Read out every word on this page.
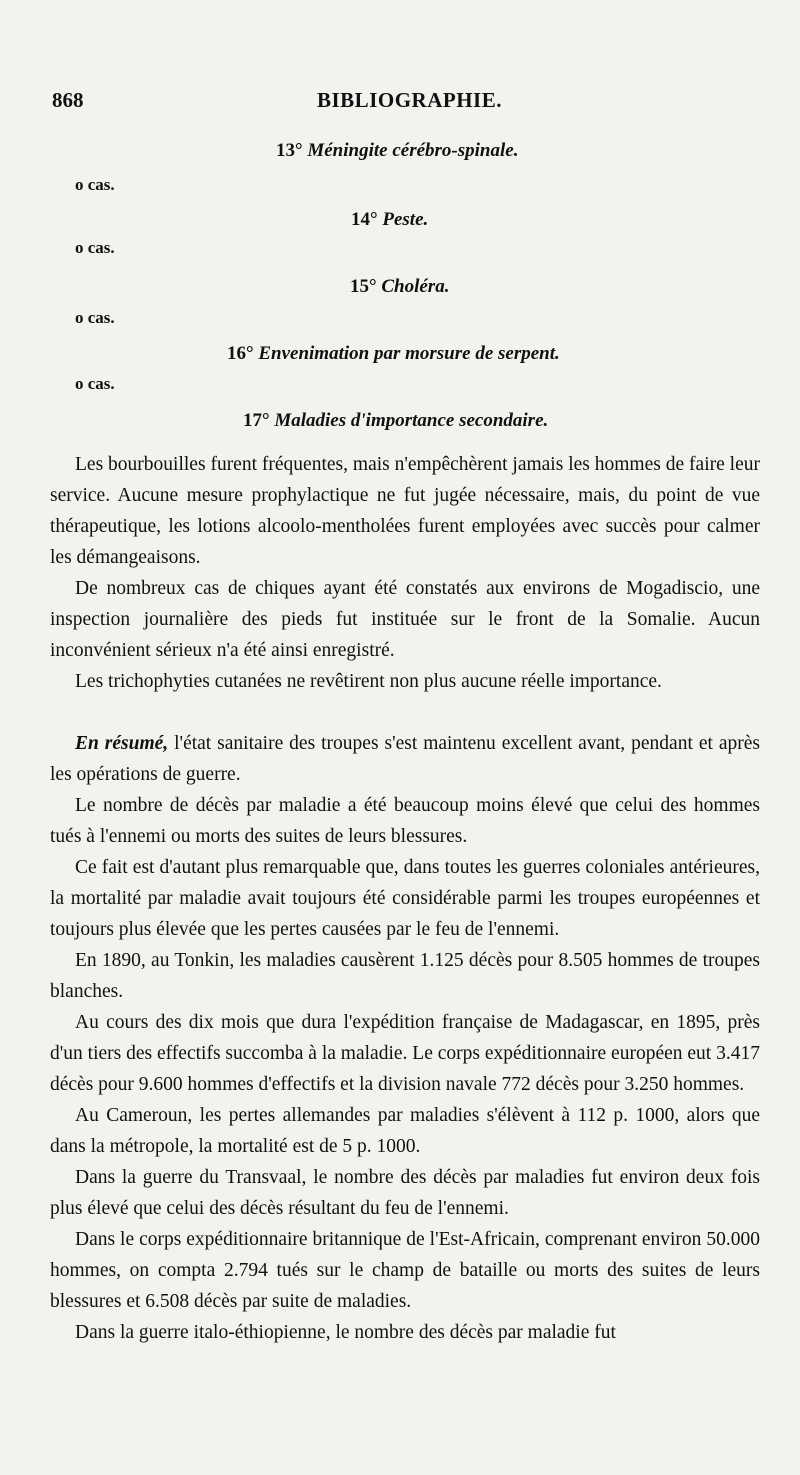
868	BIBLIOGRAPHIE.
13° Méningite cérébro-spinale.
o cas.
14° Peste.
o cas.
15° Choléra.
o cas.
16° Envenimation par morsure de serpent.
o cas.
17° Maladies d'importance secondaire.

Les bourbouilles furent fréquentes, mais n'empêchèrent jamais les hommes de faire leur service. Aucune mesure prophylactique ne fut jugée nécessaire, mais, du point de vue thérapeutique, les lotions alcoolo-mentholées furent employées avec succès pour calmer les démangeaisons.

De nombreux cas de chiques ayant été constatés aux environs de Mogadiscio, une inspection journalière des pieds fut instituée sur le front de la Somalie. Aucun inconvénient sérieux n'a été ainsi enregistré.

Les trichophyties cutanées ne revêtirent non plus aucune réelle importance.

En résumé, l'état sanitaire des troupes s'est maintenu excellent avant, pendant et après les opérations de guerre.

Le nombre de décès par maladie a été beaucoup moins élevé que celui des hommes tués à l'ennemi ou morts des suites de leurs blessures.

Ce fait est d'autant plus remarquable que, dans toutes les guerres coloniales antérieures, la mortalité par maladie avait toujours été considérable parmi les troupes européennes et toujours plus élevée que les pertes causées par le feu de l'ennemi.

En 1890, au Tonkin, les maladies causèrent 1.125 décès pour 8.505 hommes de troupes blanches.

Au cours des dix mois que dura l'expédition française de Madagascar, en 1895, près d'un tiers des effectifs succomba à la maladie. Le corps expéditionnaire européen eut 3.417 décès pour 9.600 hommes d'effectifs et la division navale 772 décès pour 3.250 hommes.

Au Cameroun, les pertes allemandes par maladies s'élèvent à 112 p. 1000, alors que dans la métropole, la mortalité est de 5 p. 1000.

Dans la guerre du Transvaal, le nombre des décès par maladies fut environ deux fois plus élevé que celui des décès résultant du feu de l'ennemi.

Dans le corps expéditionnaire britannique de l'Est-Africain, comprenant environ 50.000 hommes, on compta 2.794 tués sur le champ de bataille ou morts des suites de leurs blessures et 6.508 décès par suite de maladies.

Dans la guerre italo-éthiopienne, le nombre des décès par maladie fut
